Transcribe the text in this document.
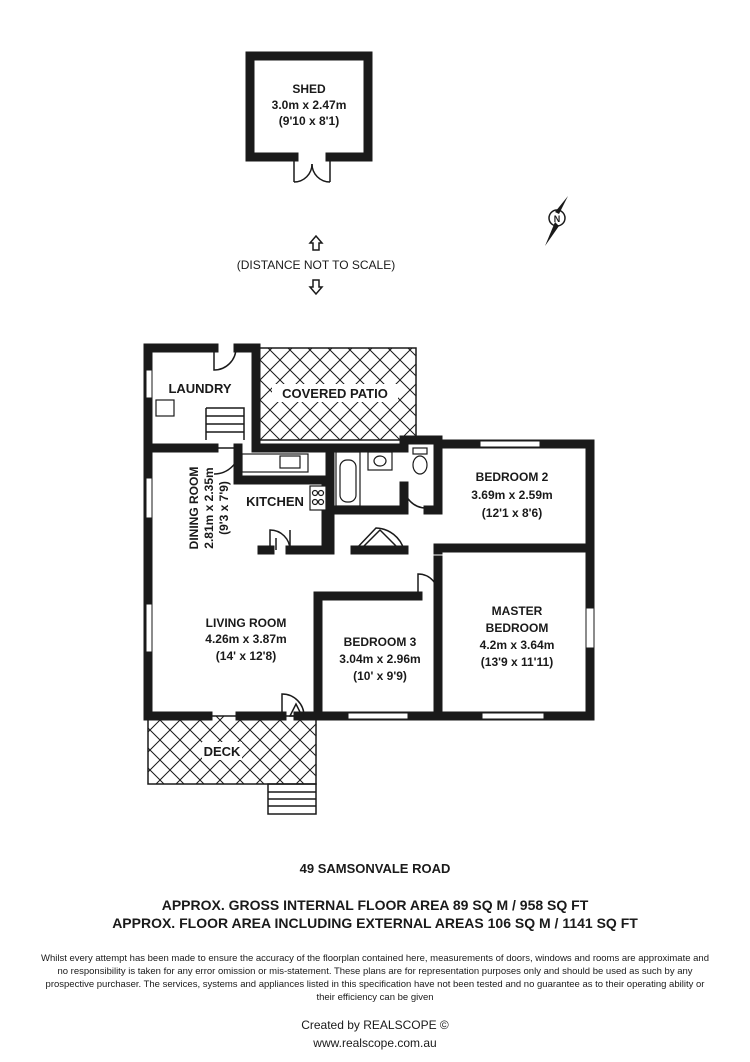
SHED
3.0m x 2.47m
(9'10 x 8'1)
N
(DISTANCE NOT TO SCALE)
COVERED PATIO
DECK
LAUNDRY
DINING ROOM 2.81m x 2.35m (9'3 x 7'9) KITCHEN
BEDROOM 2
3.69m x 2.59m
(12'1 x 8'6)
LIVING ROOM
4.26m x 3.87m
(14' x 12'8)
BEDROOM 3
3.04m x 2.96m
(10' x 9'9)
MASTER
BEDROOM
4.2m x 3.64m
(13'9 x 11'11)
49 SAMSONVALE ROAD
APPROX. GROSS INTERNAL FLOOR AREA 89 SQ M / 958 SQ FT
APPROX. FLOOR AREA INCLUDING EXTERNAL AREAS 106 SQ M / 1141 SQ FT
Whilst every attempt has been made to ensure the accuracy of the floorplan contained here, measurements of doors, windows and rooms are approximate and no responsibility is taken for any error omission or mis-statement. These plans are for representation purposes only and should be used as such by any prospective purchaser. The services, systems and appliances listed in this specification have not been tested and no guarantee as to their operating ability or their efficiency can be given
Created by REALSCOPE ©
www.realscope.com.au
